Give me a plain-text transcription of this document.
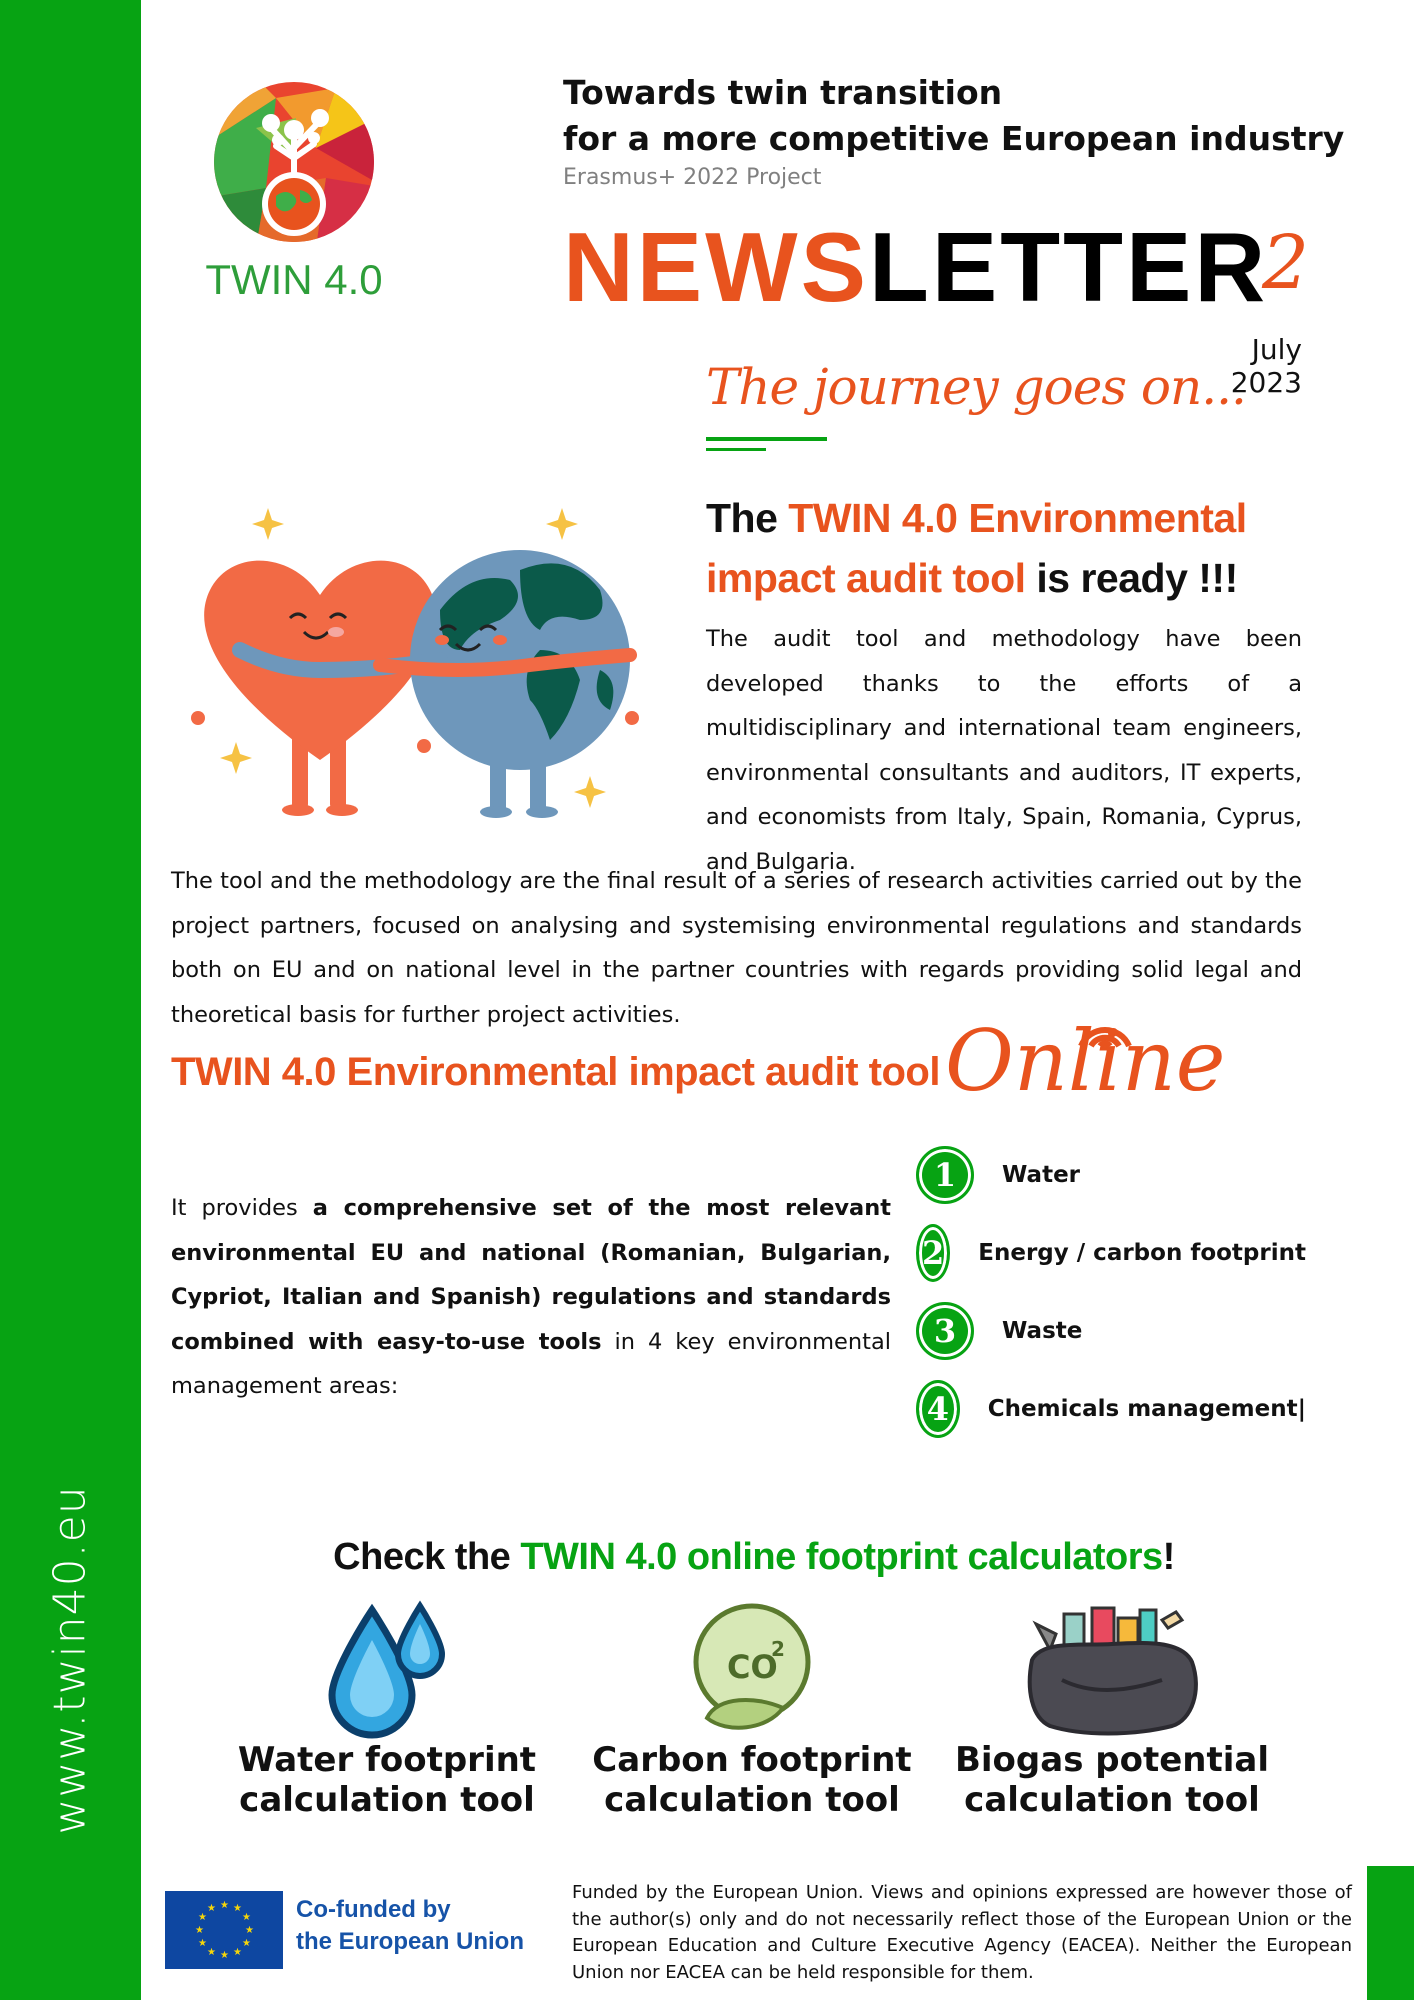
www.twin40.eu
TWIN 4.0
Towards twin transition
for a more competitive European industry
Erasmus+ 2022 Project
NEWSLETTER
2
July 2023
The journey goes on...
The TWIN 4.0 Environmental
impact audit tool is ready !!!
The audit tool and methodology have been developed thanks to the efforts of a multidisciplinary and international team engineers, environmental consultants and auditors, IT experts, and economists from Italy, Spain, Romania, Cyprus, and Bulgaria.
The tool and the methodology are the final result of a series of research activities carried out by the project partners, focused on analysing and systemising environmental regulations and standards both on EU and on national level in the partner countries with regards providing solid legal and theoretical basis for further project activities.
TWIN 4.0 Environmental impact audit tool Online
It provides a comprehensive set of the most relevant environmental EU and national (Romanian, Bulgarian, Cypriot, Italian and Spanish) regulations and standards combined with easy-to-use tools in 4 key environmental management areas:
1	Water
2 Energy / carbon footprint
3	Waste
4	Chemicals management|
Check the TWIN 4.0 online footprint calculators!
Water footprint
calculation tool
CO
2
Carbon footprint
calculation tool
Biogas potential
calculation tool
★ ★
★
★
★
★
★
★
★
★
★
★	Co-funded by
the European Union
Funded by the European Union. Views and opinions expressed are however those of the author(s) only and do not necessarily reflect those of the European Union or the European Education and Culture Executive Agency (EACEA). Neither the European Union nor EACEA can be held responsible for them.
